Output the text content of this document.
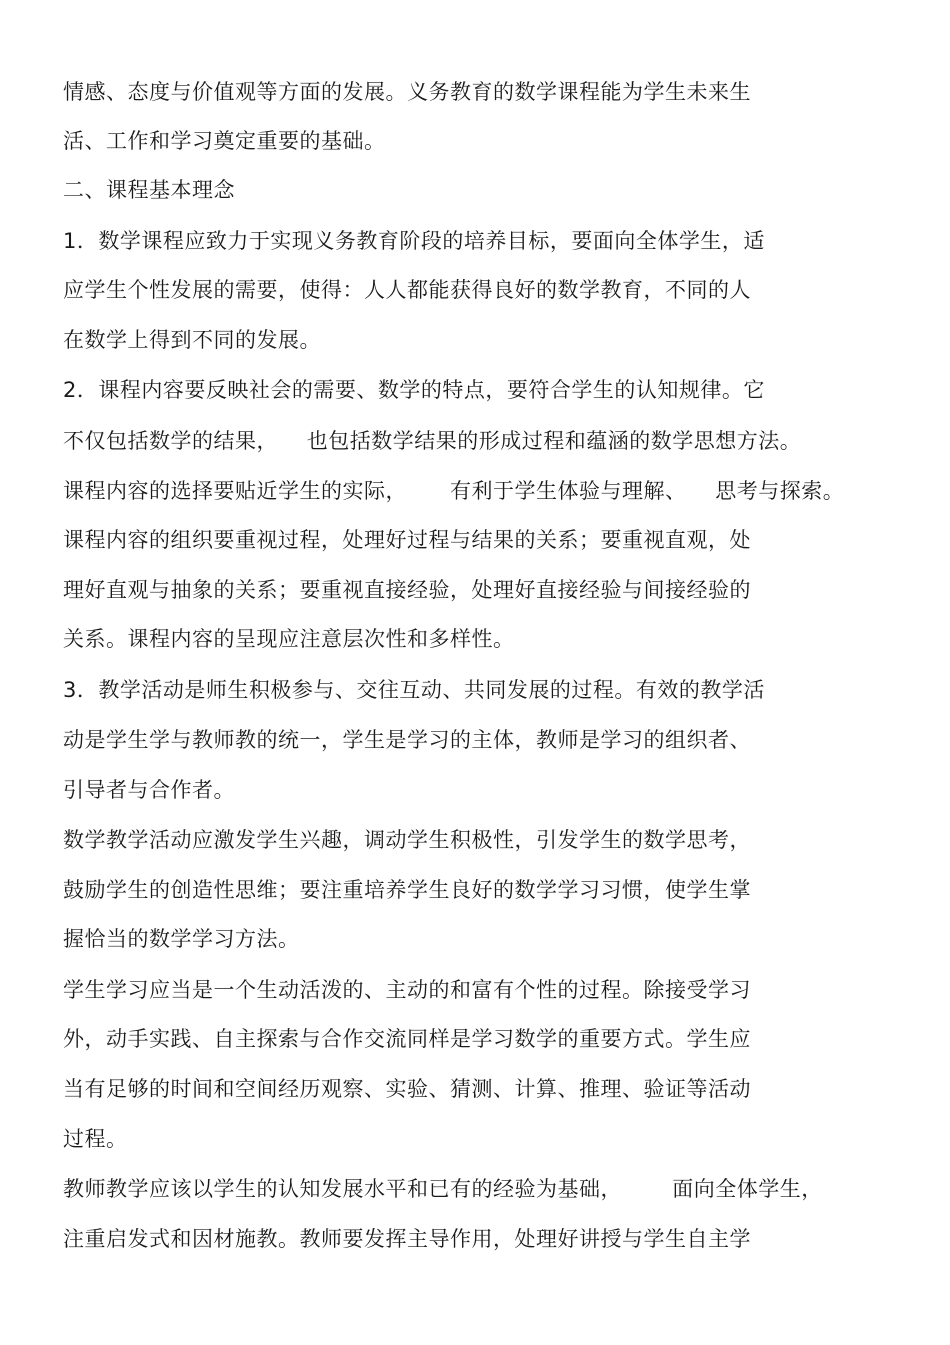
情感、态度与价值观等方面的发展。义务教育的数学课程能为学生未来生
活、工作和学习奠定重要的基础。
二、课程基本理念
1．数学课程应致力于实现义务教育阶段的培养目标，要面向全体学生，适
应学生个性发展的需要，使得：人人都能获得良好的数学教育，不同的人
在数学上得到不同的发展。
2．课程内容要反映社会的需要、数学的特点，要符合学生的认知规律。它
不仅包括数学的结果，    也包括数学结果的形成过程和蕴涵的数学思想方法。
课程内容的选择要贴近学生的实际，      有利于学生体验与理解、    思考与探索。
课程内容的组织要重视过程，处理好过程与结果的关系；要重视直观，处
理好直观与抽象的关系；要重视直接经验，处理好直接经验与间接经验的
关系。课程内容的呈现应注意层次性和多样性。
3．教学活动是师生积极参与、交往互动、共同发展的过程。有效的教学活
动是学生学与教师教的统一，学生是学习的主体，教师是学习的组织者、
引导者与合作者。
数学教学活动应激发学生兴趣，调动学生积极性，引发学生的数学思考，
鼓励学生的创造性思维；要注重培养学生良好的数学学习习惯，使学生掌
握恰当的数学学习方法。
学生学习应当是一个生动活泼的、主动的和富有个性的过程。除接受学习
外，动手实践、自主探索与合作交流同样是学习数学的重要方式。学生应
当有足够的时间和空间经历观察、实验、猜测、计算、推理、验证等活动
过程。
教师教学应该以学生的认知发展水平和已有的经验为基础，       面向全体学生，
注重启发式和因材施教。教师要发挥主导作用，处理好讲授与学生自主学
